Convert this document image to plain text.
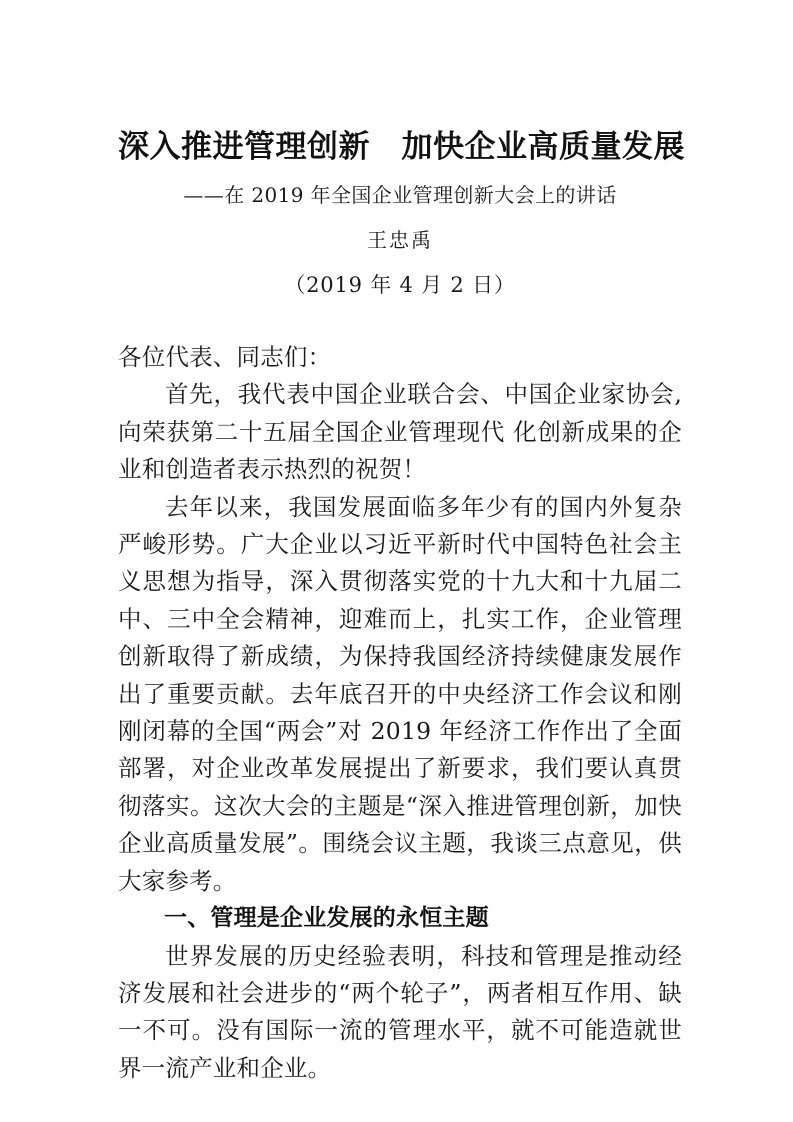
深入推进管理创新　加快企业高质量发展

——在 2019 年全国企业管理创新大会上的讲话

王忠禹

（2019 年 4 月 2 日）

各位代表、同志们：

首先，我代表中国企业联合会、中国企业家协会,向荣获第二十五届全国企业管理现代 化创新成果的企业和创造者表示热烈的祝贺！

去年以来，我国发展面临多年少有的国内外复杂严峻形势。广大企业以习近平新时代中国特色社会主义思想为指导，深入贯彻落实党的十九大和十九届二中、三中全会精神，迎难而上，扎实工作，企业管理创新取得了新成绩，为保持我国经济持续健康发展作出了重要贡献。去年底召开的中央经济工作会议和刚刚闭幕的全国“两会”对 2019 年经济工作作出了全面部署，对企业改革发展提出了新要求，我们要认真贯彻落实。这次大会的主题是“深入推进管理创新，加快企业高质量发展”。围绕会议主题，我谈三点意见，供大家参考。

一、管理是企业发展的永恒主题

世界发展的历史经验表明，科技和管理是推动经济发展和社会进步的“两个轮子”，两者相互作用、缺一不可。没有国际一流的管理水平，就不可能造就世界一流产业和企业。
